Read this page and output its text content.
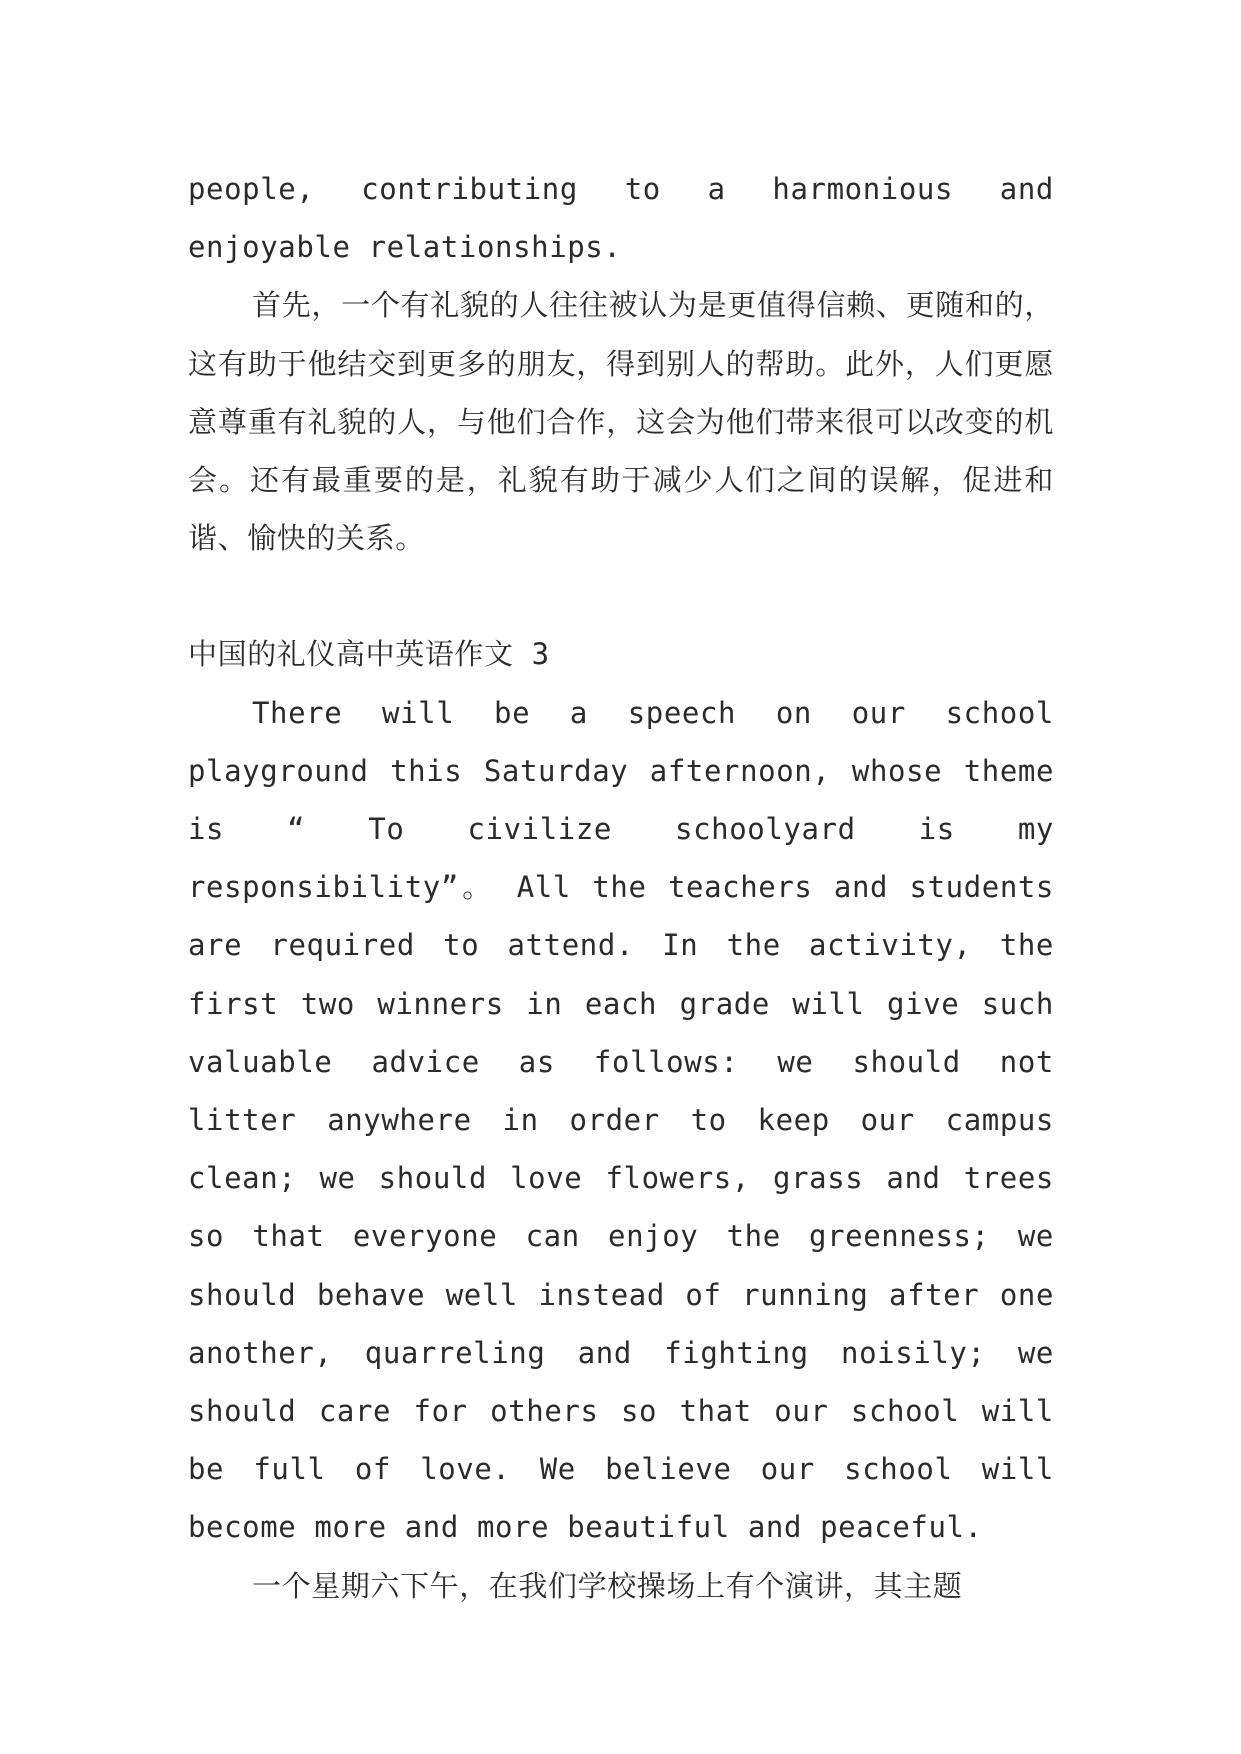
people, contributing to a harmonious and enjoyable relationships.

首先，一个有礼貌的人往往被认为是更值得信赖、更随和的，这有助于他结交到更多的朋友，得到别人的帮助。此外，人们更愿意尊重有礼貌的人，与他们合作，这会为他们带来很可以改变的机会。还有最重要的是，礼貌有助于减少人们之间的误解，促进和谐、愉快的关系。

中国的礼仪高中英语作文 3

There will be a speech on our school playground this Saturday afternoon, whose theme is “ To civilize schoolyard is my responsibility”。 All the teachers and students are required to attend. In the activity, the first two winners in each grade will give such valuable advice as follows: we should not litter anywhere in order to keep our campus clean; we should love flowers, grass and trees so that everyone can enjoy the greenness; we should behave well instead of running after one another, quarreling and fighting noisily; we should care for others so that our school will be full of love. We believe our school will become more and more beautiful and peaceful.

一个星期六下午，在我们学校操场上有个演讲，其主题
